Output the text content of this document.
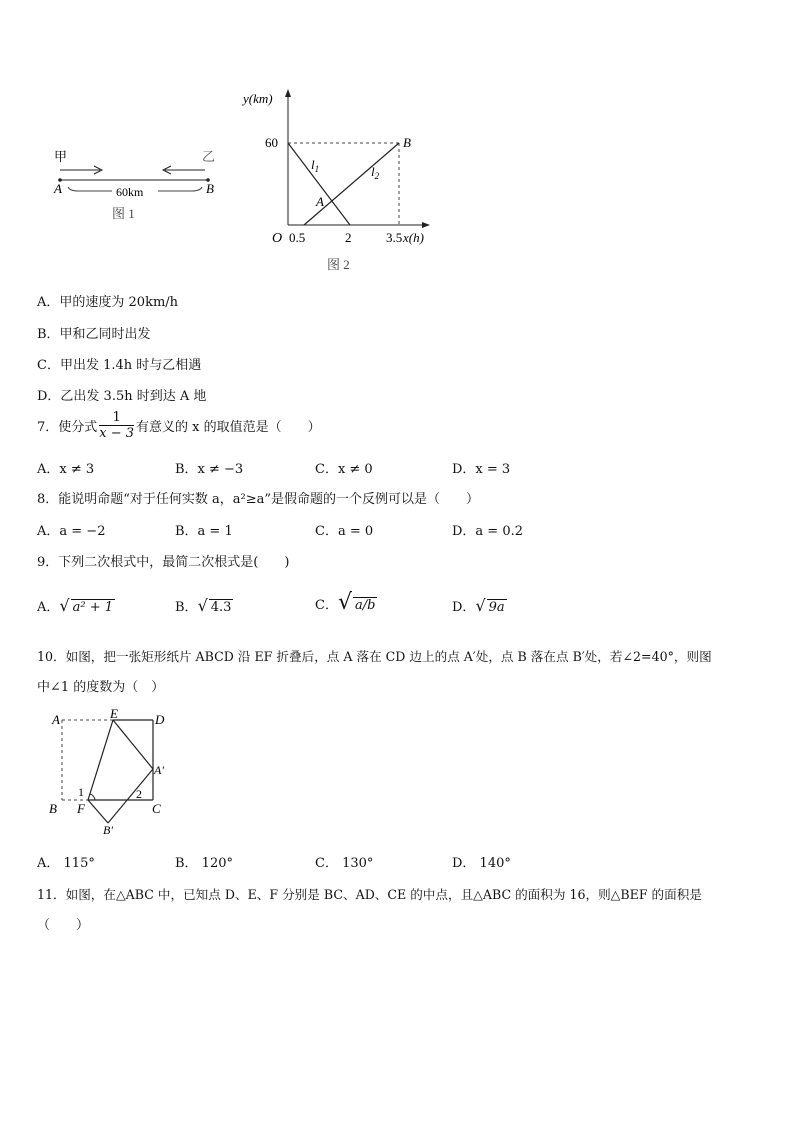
甲	乙
A	B
60km
图 1
y(km)
x(h)
O
60
0.5	2	3.5
$l_1$	$l_2$
A
B
图 2
A．甲的速度为 20km/h
B．甲和乙同时出发
C．甲出发 1.4h 时与乙相遇
D．乙出发 3.5h 时到达 A 地
7．使分式 $\frac{1}{x - 3}$ 有意义的 x 的取值范是（　　）
A．x ≠ 3	B．x ≠ −3	C．x ≠ 0	D．x = 3
8．能说明命题“对于任何实数 a，a²≥a”是假命题的一个反例可以是（　　）
A．a = −2	B．a = 1	C．a = 0	D．a = 0.2
9．下列二次根式中，最简二次根式是(　　)
A．√ a² + 1	B．√ 4.3	C．√ a/b	D．√ 9a
10．如图，把一张矩形纸片 ABCD 沿 EF 折叠后，点 A 落在 CD 边上的点 A′处，点 B 落在点 B′处，若∠2=40°，则图
中∠1 的度数为（　）
A	E	D
A'
B F	C
B'
1	2
A． 115°	B． 120°	C． 130°	D． 140°
11．如图，在△ABC 中，已知点 D、E、F 分别是 BC、AD、CE 的中点，且△ABC 的面积为 16，则△BEF 的面积是
（　　）
